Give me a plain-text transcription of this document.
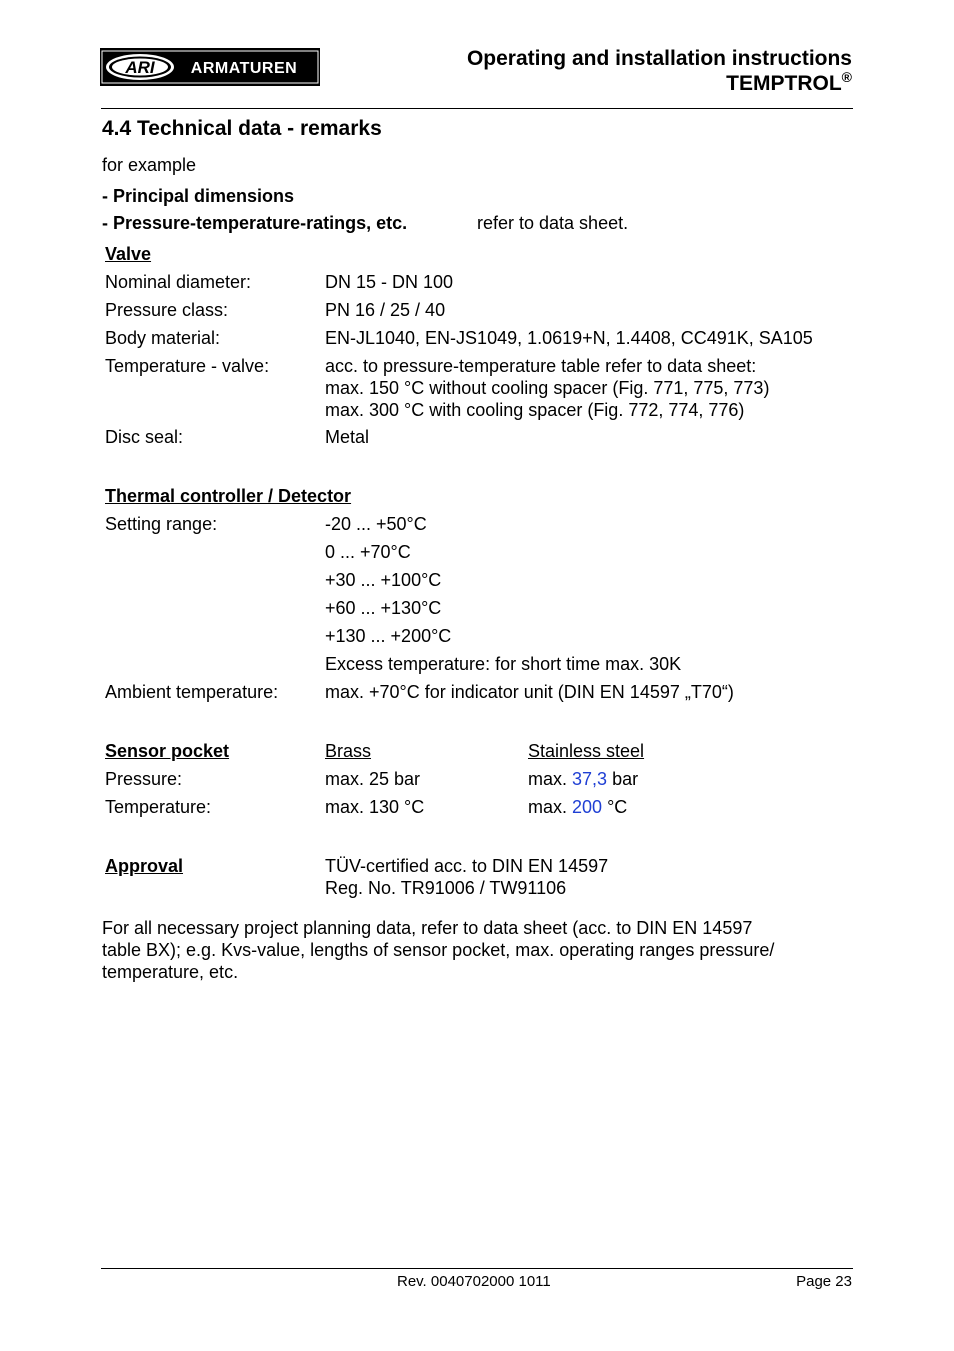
ARI ARMATUREN	Operating and installation instructions
TEMPTROL®
4.4 Technical data - remarks
for example
- Principal dimensions
- Pressure-temperature-ratings, etc.	refer to data sheet.
Valve
Nominal diameter:	DN 15 - DN 100
Pressure class:	PN 16 / 25 / 40
Body material:	EN-JL1040, EN-JS1049, 1.0619+N, 1.4408, CC491K, SA105
Temperature - valve:	acc. to pressure-temperature table refer to data sheet:
max. 150 °C without cooling spacer (Fig. 771, 775, 773)
max. 300 °C with cooling spacer (Fig. 772, 774, 776)
Disc seal:	Metal
Thermal controller / Detector
Setting range:	-20 ... +50°C
0 ... +70°C
+30 ... +100°C
+60 ... +130°C
+130 ... +200°C
Excess temperature: for short time max. 30K
Ambient temperature:	max. +70°C for indicator unit (DIN EN 14597 „T70“)
Sensor pocket	Brass	Stainless steel
Pressure:	max. 25 bar	max. 37,3 bar
Temperature:	max. 130 °C	max. 200 °C
Approval	TÜV-certified acc. to DIN EN 14597
Reg. No. TR91006 / TW91106
For all necessary project planning data, refer to data sheet (acc. to DIN EN 14597
table BX); e.g. Kvs-value, lengths of sensor pocket, max. operating ranges pressure/
temperature, etc.
Rev. 0040702000 1011	Page 23
